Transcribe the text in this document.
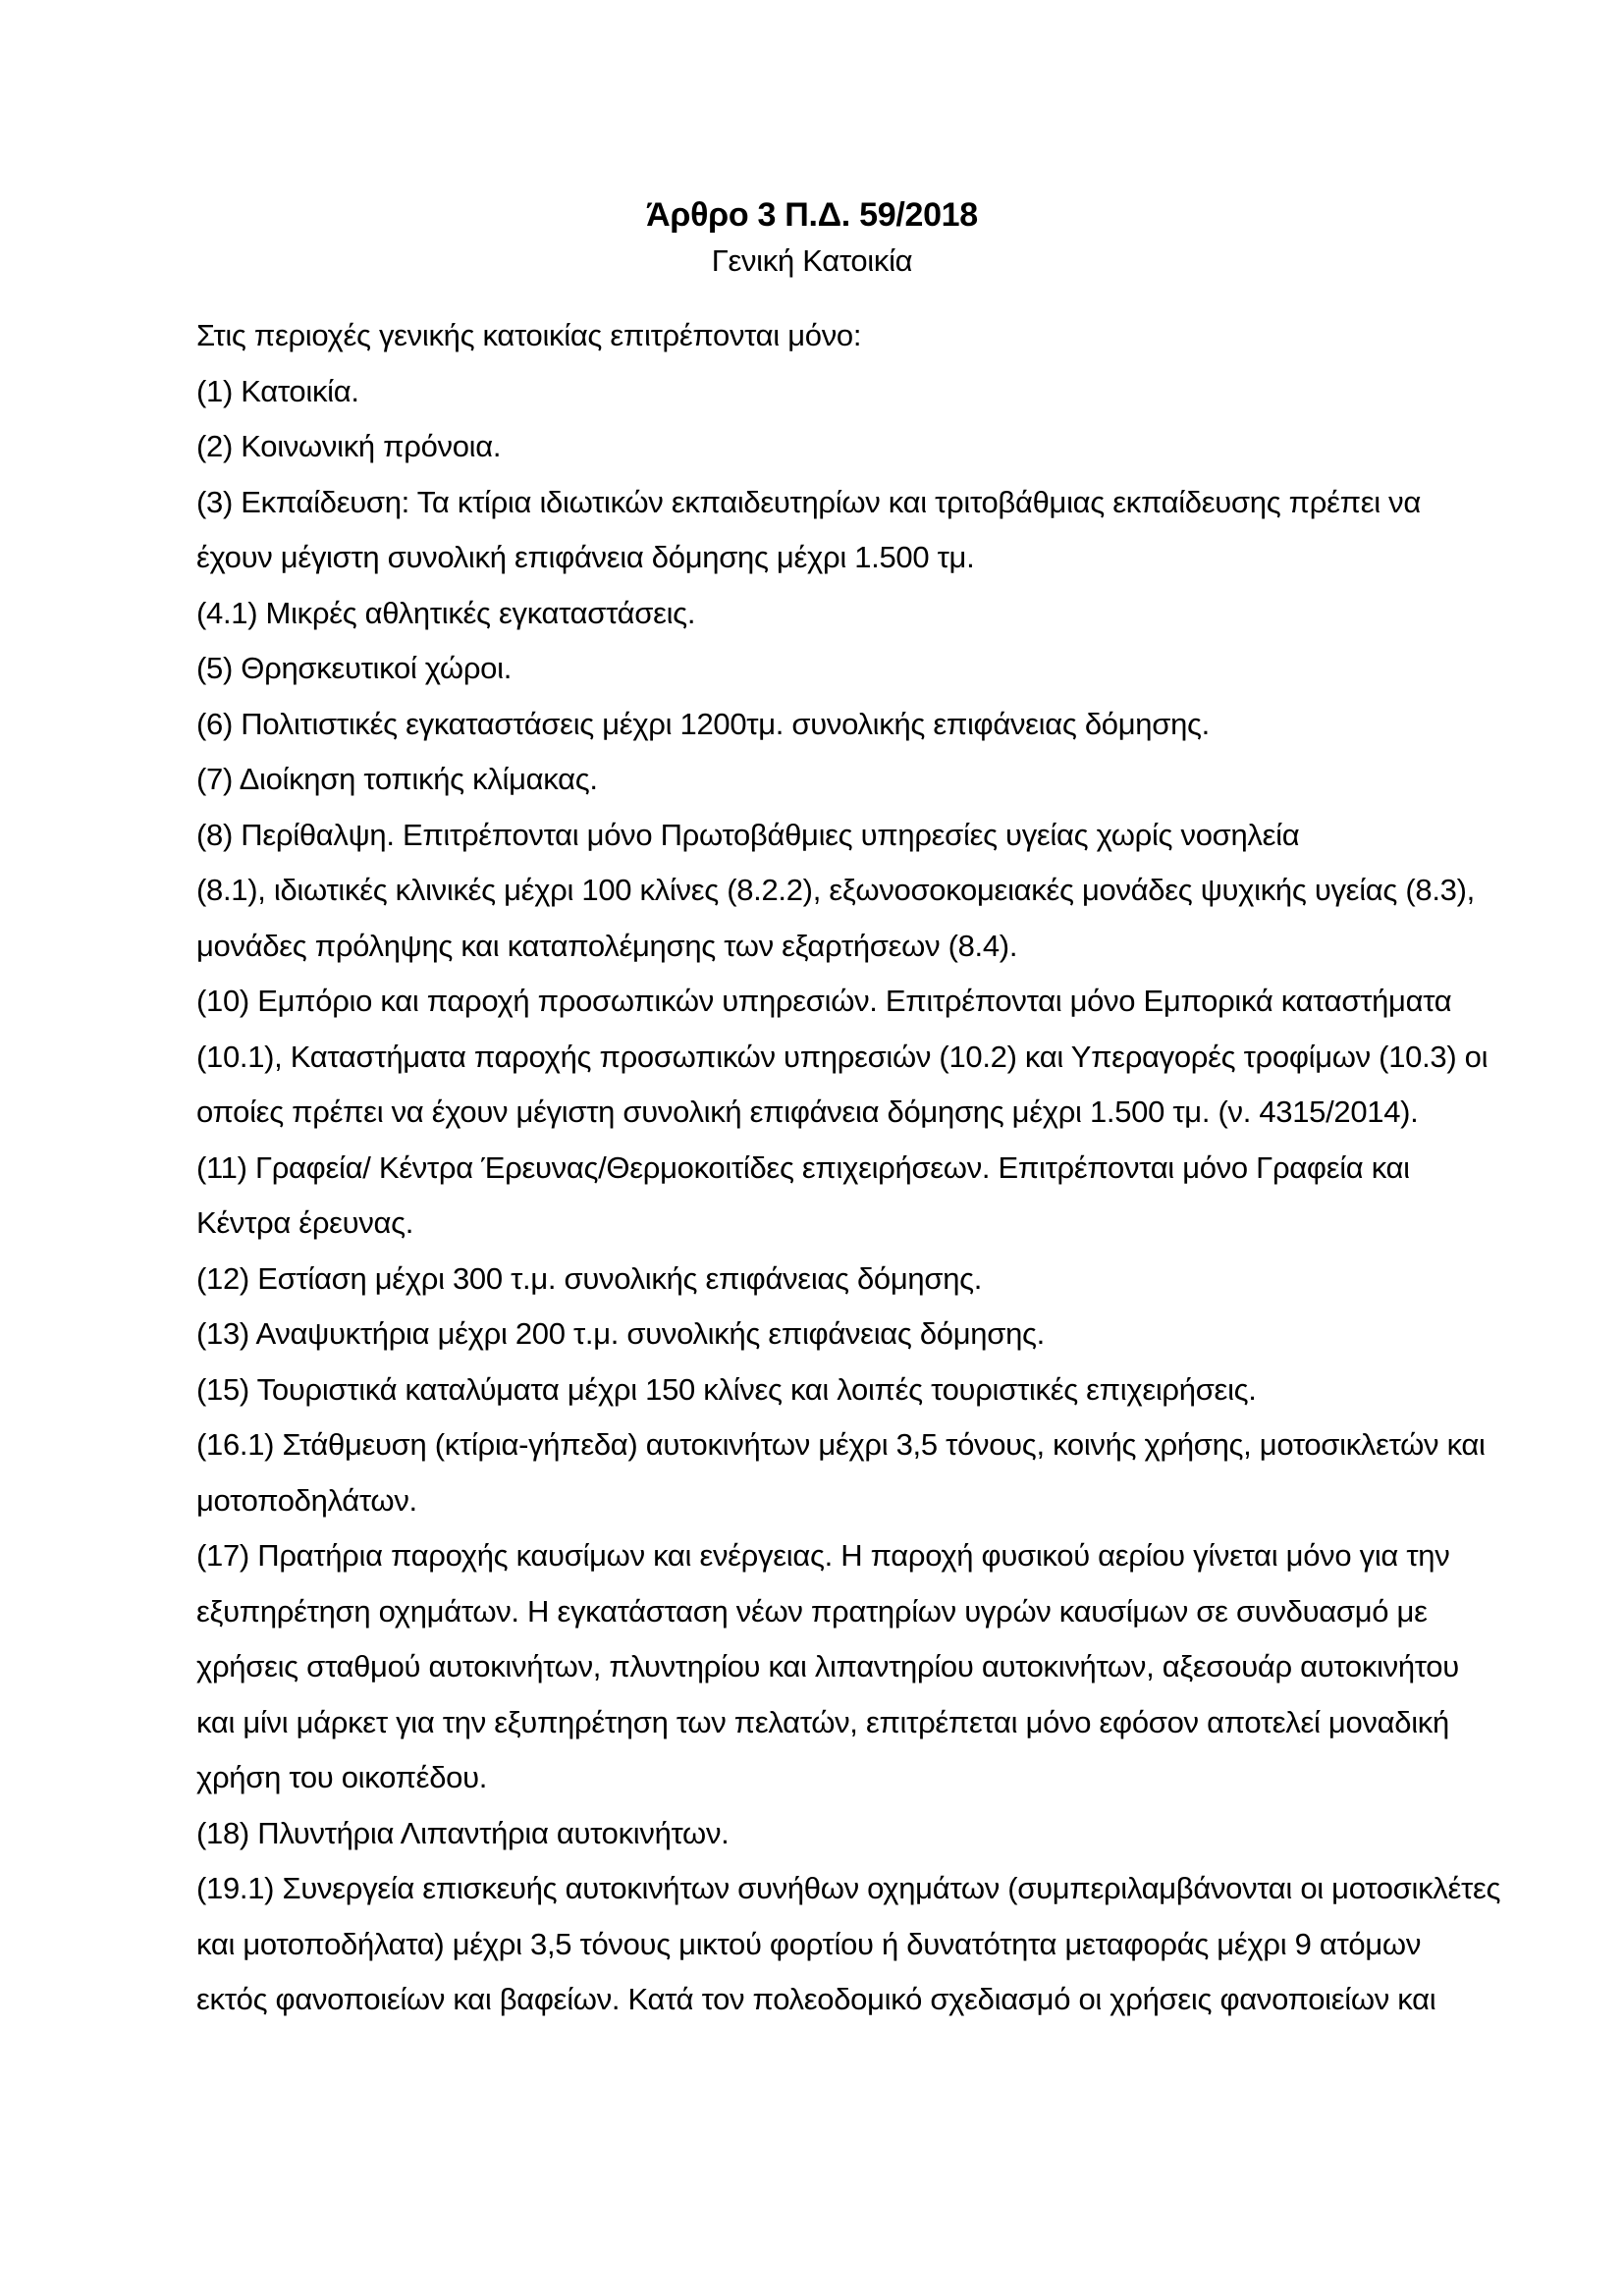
Άρθρο 3 Π.Δ. 59/2018
Γενική Κατοικία

Στις περιοχές γενικής κατοικίας επιτρέπονται μόνο:

(1) Κατοικία.

(2) Κοινωνική πρόνοια.

(3) Εκπαίδευση: Τα κτίρια ιδιωτικών εκπαιδευτηρίων και τριτοβάθμιας εκπαίδευσης πρέπει να

έχουν μέγιστη συνολική επιφάνεια δόμησης μέχρι 1.500 τμ.

(4.1) Μικρές αθλητικές εγκαταστάσεις.

(5) Θρησκευτικοί χώροι.

(6) Πολιτιστικές εγκαταστάσεις μέχρι 1200τμ. συνολικής επιφάνειας δόμησης.

(7) Διοίκηση τοπικής κλίμακας.

(8) Περίθαλψη. Επιτρέπονται μόνο Πρωτοβάθμιες υπηρεσίες υγείας χωρίς νοσηλεία

(8.1), ιδιωτικές κλινικές μέχρι 100 κλίνες (8.2.2), εξωνοσοκομειακές μονάδες ψυχικής υγείας (8.3),

μονάδες πρόληψης και καταπολέμησης των εξαρτήσεων (8.4).

(10) Εμπόριο και παροχή προσωπικών υπηρεσιών. Επιτρέπονται μόνο Εμπορικά καταστήματα

(10.1), Καταστήματα παροχής προσωπικών υπηρεσιών (10.2) και Υπεραγορές τροφίμων (10.3) οι

οποίες πρέπει να έχουν μέγιστη συνολική επιφάνεια δόμησης μέχρι 1.500 τμ. (ν. 4315/2014).

(11) Γραφεία/ Κέντρα Έρευνας/Θερμοκοιτίδες επιχειρήσεων. Επιτρέπονται μόνο Γραφεία και

Κέντρα έρευνας.

(12) Εστίαση μέχρι 300 τ.μ. συνολικής επιφάνειας δόμησης.

(13) Αναψυκτήρια μέχρι 200 τ.μ. συνολικής επιφάνειας δόμησης.

(15) Τουριστικά καταλύματα μέχρι 150 κλίνες και λοιπές τουριστικές επιχειρήσεις.

(16.1) Στάθμευση (κτίρια-γήπεδα) αυτοκινήτων μέχρι 3,5 τόνους, κοινής χρήσης, μοτοσικλετών και

μοτοποδηλάτων.

(17) Πρατήρια παροχής καυσίμων και ενέργειας. Η παροχή φυσικού αερίου γίνεται μόνο για την

εξυπηρέτηση οχημάτων. Η εγκατάσταση νέων πρατηρίων υγρών καυσίμων σε συνδυασμό με

χρήσεις σταθμού αυτοκινήτων, πλυντηρίου και λιπαντηρίου αυτοκινήτων, αξεσουάρ αυτοκινήτου

και μίνι μάρκετ για την εξυπηρέτηση των πελατών, επιτρέπεται μόνο εφόσον αποτελεί μοναδική

χρήση του οικοπέδου.

(18) Πλυντήρια Λιπαντήρια αυτοκινήτων.

(19.1) Συνεργεία επισκευής αυτοκινήτων συνήθων οχημάτων (συμπεριλαμβάνονται οι μοτοσικλέτες

και μοτοποδήλατα) μέχρι 3,5 τόνους μικτού φορτίου ή δυνατότητα μεταφοράς μέχρι 9 ατόμων

εκτός φανοποιείων και βαφείων. Κατά τον πολεοδομικό σχεδιασμό οι χρήσεις φανοποιείων και
